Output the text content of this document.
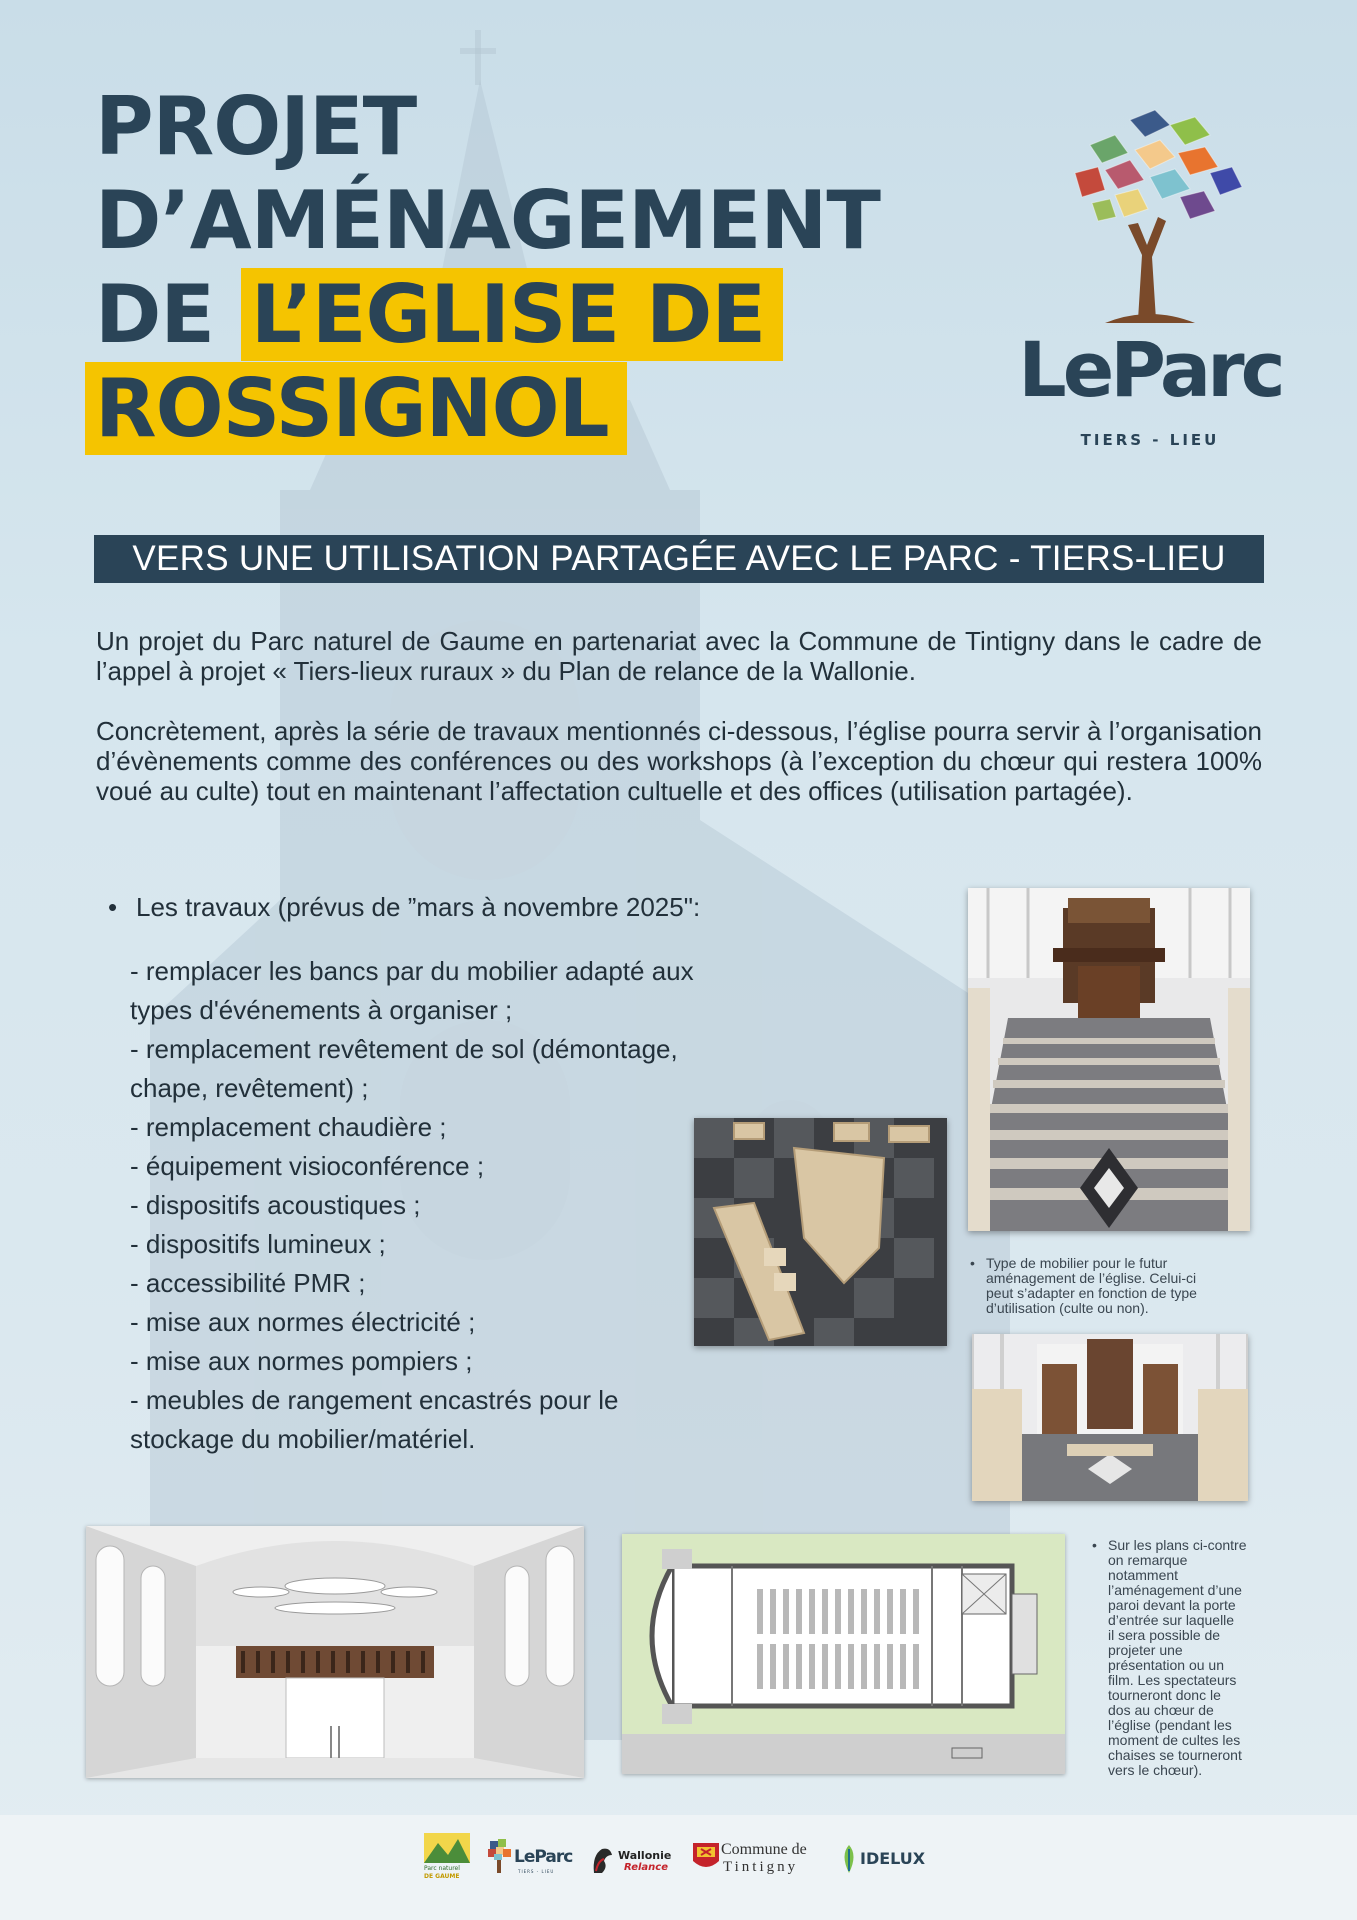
PROJET
D’AMÉNAGEMENT
DE L’EGLISE DE
ROSSIGNOL	LeParc
TIERS - LIEU
VERS UNE UTILISATION PARTAGÉE AVEC LE PARC - TIERS-LIEU
Un projet du Parc naturel de Gaume en partenariat avec la Commune de Tintigny dans le cadre de l’appel à projet « Tiers-lieux ruraux » du Plan de relance de la Wallonie.
Concrètement, après la série de travaux mentionnés ci-dessous, l’église pourra servir à l’organisation d’évènements comme des conférences ou des workshops (à l’exception du chœur qui restera 100% voué au culte) tout en maintenant l’affectation cultuelle et des offices (utilisation partagée).
• Les travaux (prévus de ”mars à novembre 2025":
- remplacer les bancs par du mobilier adapté aux
types d'événements à organiser ;
- remplacement revêtement de sol (démontage,
chape, revêtement) ;
- remplacement chaudière ;
- équipement visioconférence ;
- dispositifs acoustiques ;
- dispositifs lumineux ;
- accessibilité PMR ;
- mise aux normes électricité ;
- mise aux normes pompiers ;
- meubles de rangement encastrés pour le
stockage du mobilier/matériel.
• Type de mobilier pour le futur
aménagement de l’église. Celui-ci
peut s’adapter en fonction de type
d’utilisation (culte ou non).
• Sur les plans ci-contre
on remarque
notamment
l’aménagement d’une
paroi devant la porte
d’entrée sur laquelle
il sera possible de
projeter une
présentation ou un
film. Les spectateurs
tourneront donc le
dos au chœur de
l’église (pendant les
moment de cultes les
chaises se tourneront
vers le chœur).
Parc naturel
DE GAUME
LeParc
TIERS - LIEU
Wallonie
Relance
Commune de
Tintigny	IDELUX
